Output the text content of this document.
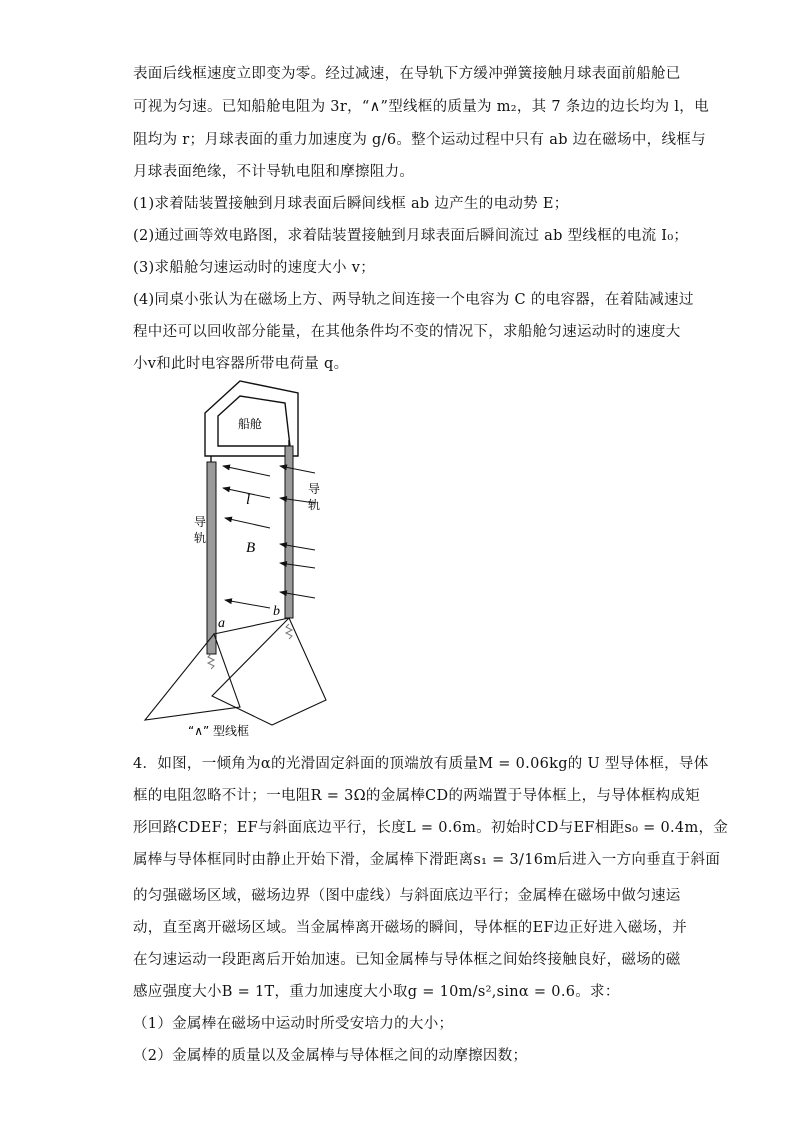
表面后线框速度立即变为零。经过减速，在导轨下方缓冲弹簧接触月球表面前船舱已
可视为匀速。已知船舱电阻为 3r，“∧”型线框的质量为 m₂，其 7 条边的边长均为 l，电
阻均为 r；月球表面的重力加速度为 g/6。整个运动过程中只有 ab 边在磁场中，线框与
月球表面绝缘，不计导轨电阻和摩擦阻力。
(1)求着陆装置接触到月球表面后瞬间线框 ab 边产生的电动势 E；
(2)通过画等效电路图，求着陆装置接触到月球表面后瞬间流过 ab 型线框的电流 I₀；
(3)求船舱匀速运动时的速度大小 v；
(4)同桌小张认为在磁场上方、两导轨之间连接一个电容为 C 的电容器，在着陆减速过
程中还可以回收部分能量，在其他条件均不变的情况下，求船舱匀速运动时的速度大
小v和此时电容器所带电荷量 q。
船舱
导
轨
导
轨
l
B
a
b
“∧” 型线框
4．如图，一倾角为α的光滑固定斜面的顶端放有质量M = 0.06kg的 U 型导体框，导体
框的电阻忽略不计；一电阻R = 3Ω的金属棒CD的两端置于导体框上，与导体框构成矩
形回路CDEF；EF与斜面底边平行，长度L = 0.6m。初始时CD与EF相距s₀ = 0.4m，金
属棒与导体框同时由静止开始下滑，金属棒下滑距离s₁ = 3/16m后进入一方向垂直于斜面
的匀强磁场区域，磁场边界（图中虚线）与斜面底边平行；金属棒在磁场中做匀速运
动，直至离开磁场区域。当金属棒离开磁场的瞬间，导体框的EF边正好进入磁场，并
在匀速运动一段距离后开始加速。已知金属棒与导体框之间始终接触良好，磁场的磁
感应强度大小B = 1T，重力加速度大小取g = 10m/s²,sinα = 0.6。求：
（1）金属棒在磁场中运动时所受安培力的大小；
（2）金属棒的质量以及金属棒与导体框之间的动摩擦因数；
